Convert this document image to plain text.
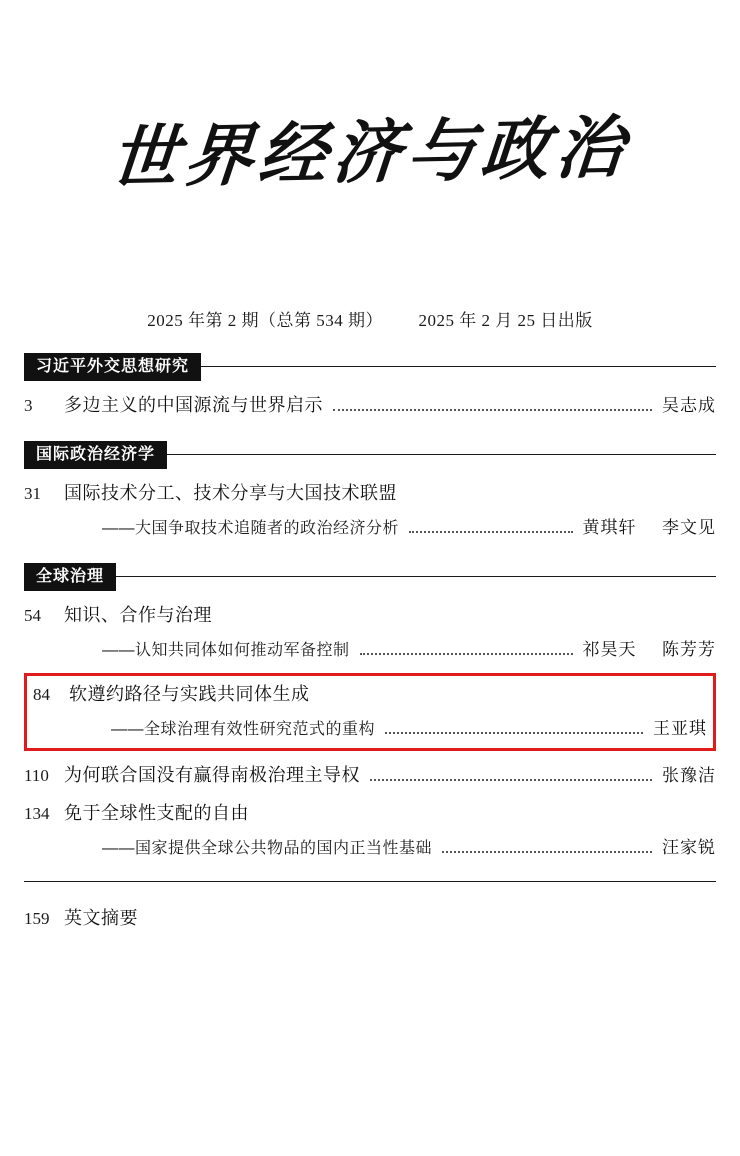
世界经济与政治
2025 年第 2 期（总第 534 期） 2025 年 2 月 25 日出版
习近平外交思想研究
3	多边主义的中国源流与世界启示	吴志成
国际政治经济学
31	国际技术分工、技术分享与大国技术联盟
——大国争取技术追随者的政治经济分析	黄琪轩 李文见
全球治理
54	知识、合作与治理
——认知共同体如何推动军备控制	祁昊天 陈芳芳
84	软遵约路径与实践共同体生成
——全球治理有效性研究范式的重构	王亚琪
110 为何联合国没有赢得南极治理主导权	张豫洁
134 免于全球性支配的自由
——国家提供全球公共物品的国内正当性基础	汪家锐
159 英文摘要
